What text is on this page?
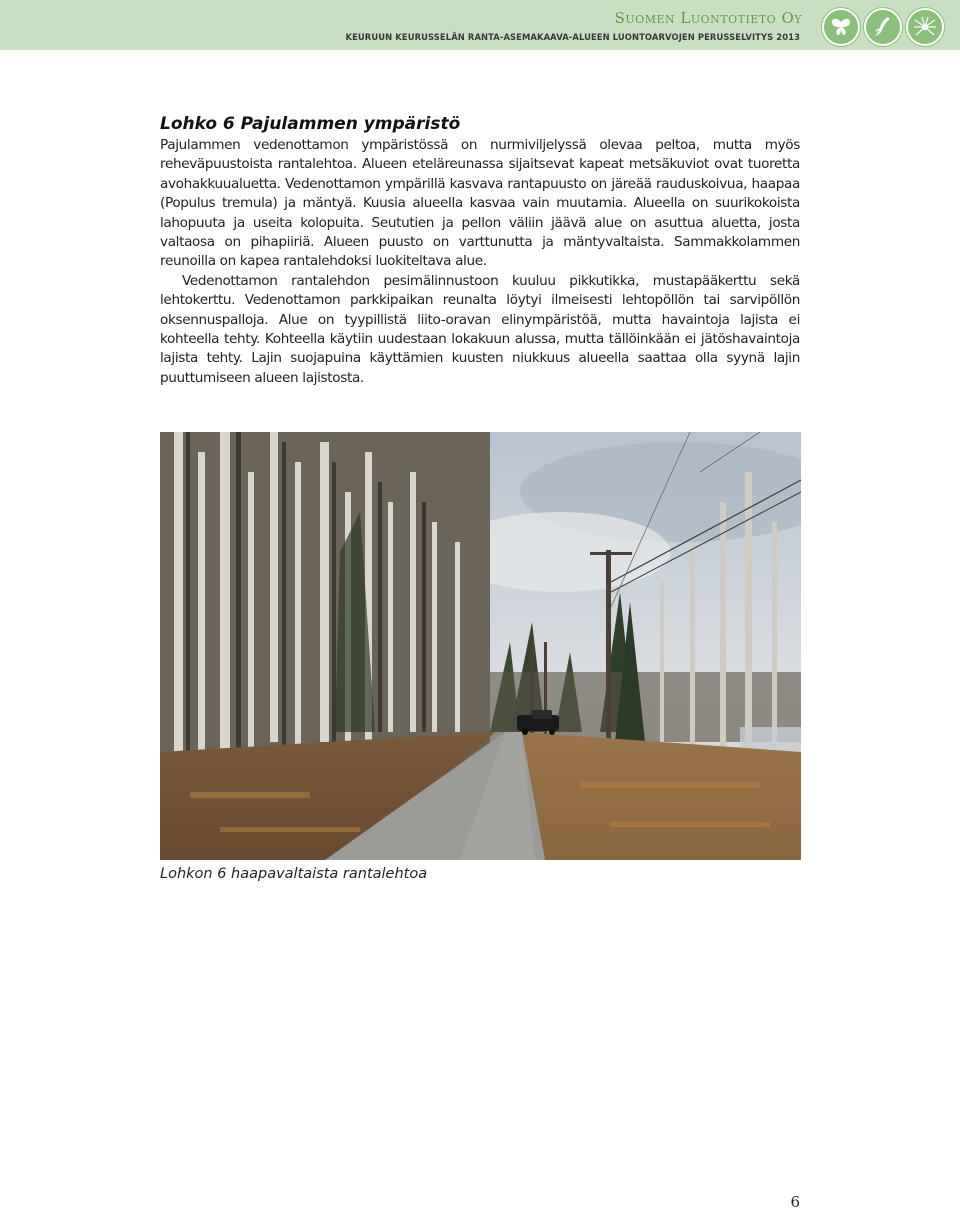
Suomen Luontotieto Oy
KEURUUN KEURUSSELÄN RANTA-ASEMAKAAVA-ALUEEN LUONTOARVOJEN PERUSSELVITYS 2013
Lohko 6 Pajulammen ympäristö

Pajulammen vedenottamon ympäristössä on nurmiviljelyssä olevaa peltoa, mutta myös reheväpuustoista rantalehtoa. Alueen eteläreunassa sijaitsevat kapeat metsäkuviot ovat tuoretta avohakkuualuetta. Vedenottamon ympärillä kasvava rantapuusto on järeää rauduskoivua, haapaa (Populus tremula) ja mäntyä. Kuusia alueella kasvaa vain muutamia. Alueella on suurikokoista lahopuuta ja useita kolopuita. Seututien ja pellon väliin jäävä alue on asuttua aluetta, josta valtaosa on pihapiiriä. Alueen puusto on varttunutta ja mäntyvaltaista. Sammakkolammen reunoilla on kapea rantalehdoksi luokiteltava alue.

Vedenottamon rantalehdon pesimälinnustoon kuuluu pikkutikka, mustapääkerttu sekä lehtokerttu. Vedenottamon parkkipaikan reunalta löytyi ilmeisesti lehtopöllön tai sarvipöllön oksennuspalloja. Alue on tyypillistä liito-oravan elinympäristöä, mutta havaintoja lajista ei kohteella tehty. Kohteella käytiin uudestaan lokakuun alussa, mutta tällöinkään ei jätöshavaintoja lajista tehty. Lajin suojapuina käyttämien kuusten niukkuus alueella saattaa olla syynä lajin puuttumiseen alueen lajistosta.

Lohkon 6 haapavaltaista rantalehtoa
6
